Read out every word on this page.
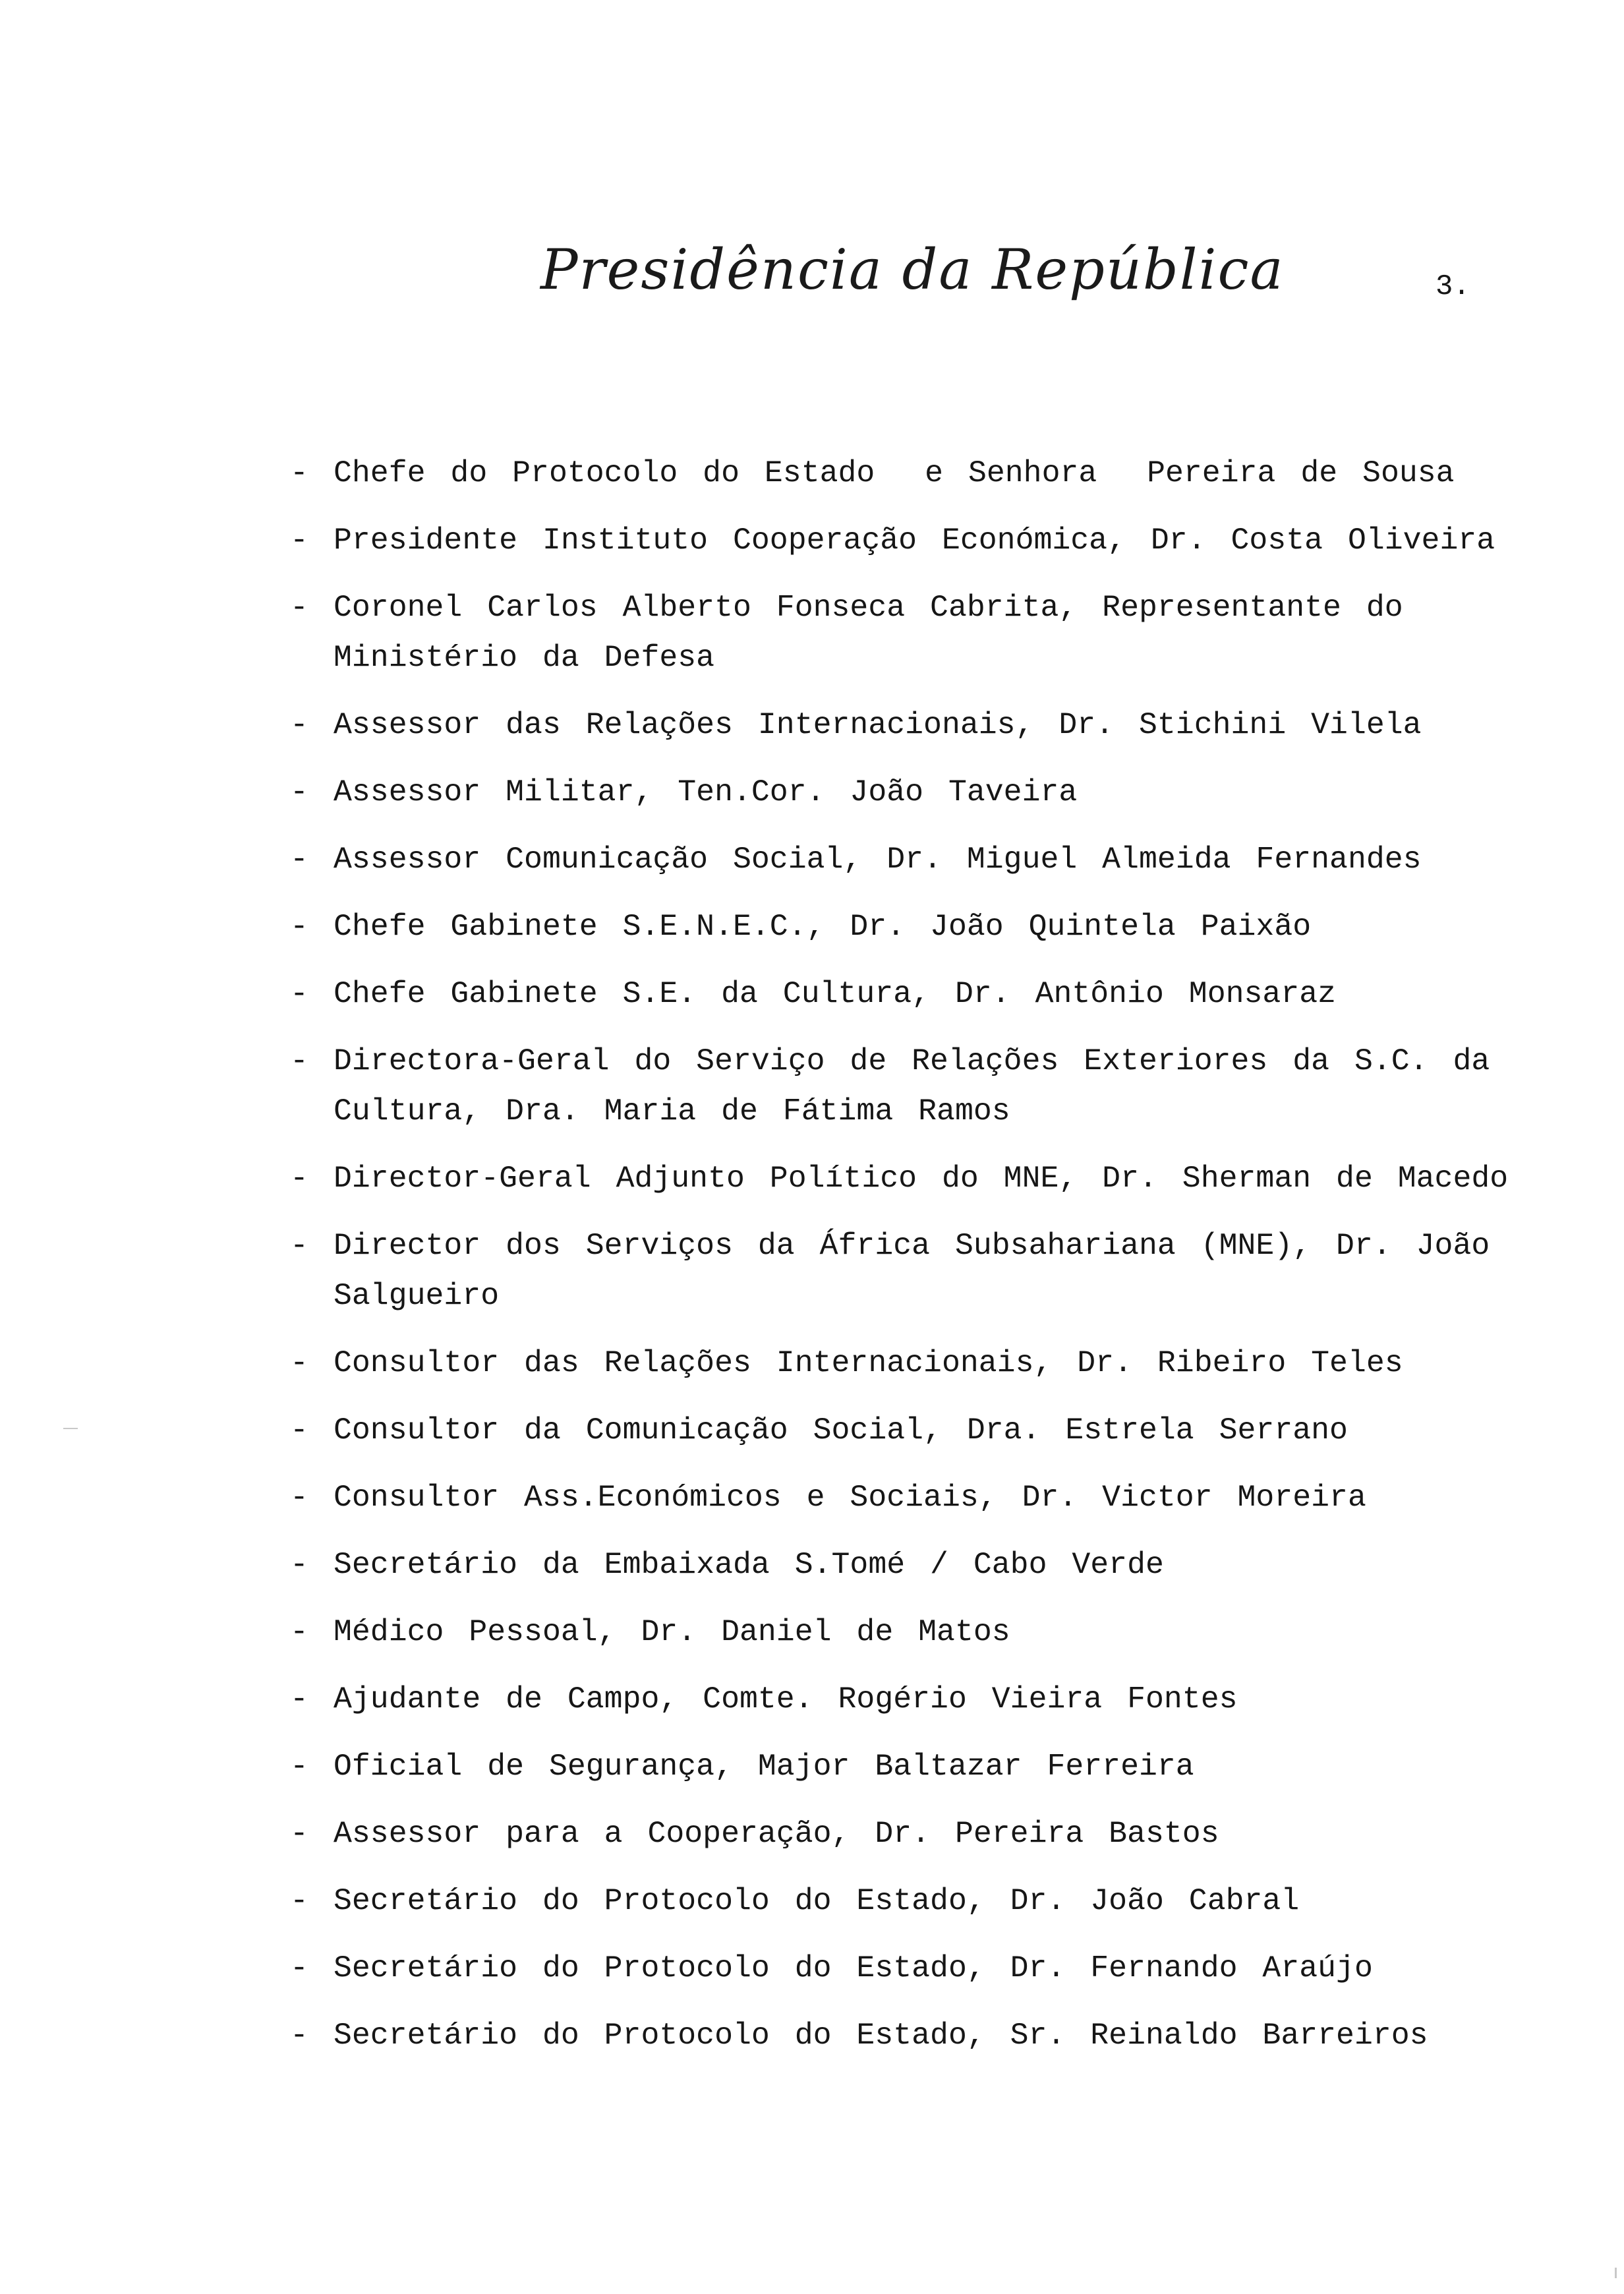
Presidência da República	3.
- Chefe do Protocolo do Estado  e Senhora  Pereira de Sousa
- Presidente Instituto Cooperação Económica, Dr. Costa Oliveira
- Coronel Carlos Alberto Fonseca Cabrita, Representante do
Ministério da Defesa
- Assessor das Relações Internacionais, Dr. Stichini Vilela
- Assessor Militar, Ten.Cor. João Taveira
- Assessor Comunicação Social, Dr. Miguel Almeida Fernandes
- Chefe Gabinete S.E.N.E.C., Dr. João Quintela Paixão
- Chefe Gabinete S.E. da Cultura, Dr. Antônio Monsaraz
- Directora-Geral do Serviço de Relações Exteriores da S.C. da
Cultura, Dra. Maria de Fátima Ramos
- Director-Geral Adjunto Político do MNE, Dr. Sherman de Macedo
- Director dos Serviços da África Subsahariana (MNE), Dr. João
Salgueiro
- Consultor das Relações Internacionais, Dr. Ribeiro Teles
- Consultor da Comunicação Social, Dra. Estrela Serrano
- Consultor Ass.Económicos e Sociais, Dr. Victor Moreira
- Secretário da Embaixada S.Tomé / Cabo Verde
- Médico Pessoal, Dr. Daniel de Matos
- Ajudante de Campo, Comte. Rogério Vieira Fontes
- Oficial de Segurança, Major Baltazar Ferreira
- Assessor para a Cooperação, Dr. Pereira Bastos
- Secretário do Protocolo do Estado, Dr. João Cabral
- Secretário do Protocolo do Estado, Dr. Fernando Araújo
- Secretário do Protocolo do Estado, Sr. Reinaldo Barreiros
